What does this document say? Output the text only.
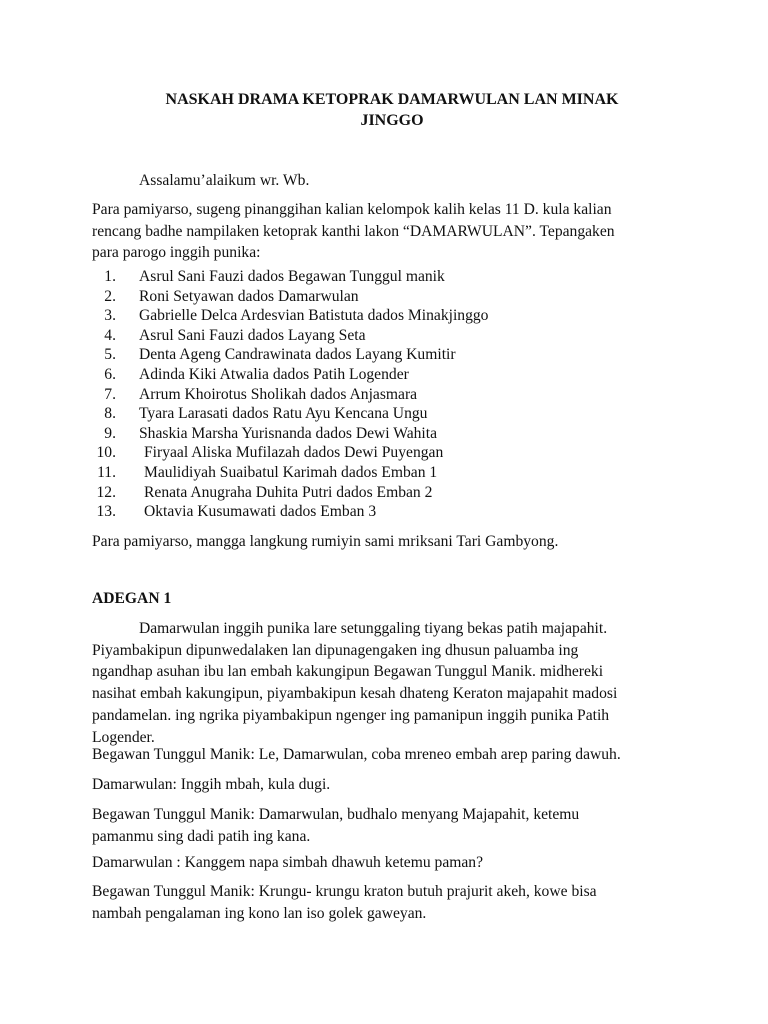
NASKAH DRAMA KETOPRAK DAMARWULAN LAN MINAK
JINGGO
Assalamu’alaikum wr. Wb.
Para pamiyarso, sugeng pinanggihan kalian kelompok kalih kelas 11 D. kula kalian
rencang badhe nampilaken ketoprak kanthi lakon “DAMARWULAN”. Tepangaken
para parogo inggih punika:
1. Asrul Sani Fauzi dados Begawan Tunggul manik
2. Roni Setyawan dados Damarwulan
3. Gabrielle Delca Ardesvian Batistuta dados Minakjinggo
4. Asrul Sani Fauzi dados Layang Seta
5. Denta Ageng Candrawinata dados Layang Kumitir
6. Adinda Kiki Atwalia dados Patih Logender
7. Arrum Khoirotus Sholikah dados Anjasmara
8. Tyara Larasati dados Ratu Ayu Kencana Ungu
9. Shaskia Marsha Yurisnanda dados Dewi Wahita
10. Firyaal Aliska Mufilazah dados Dewi Puyengan
11. Maulidiyah Suaibatul Karimah dados Emban 1
12. Renata Anugraha Duhita Putri dados Emban 2
13. Oktavia Kusumawati dados Emban 3
Para pamiyarso, mangga langkung rumiyin sami mriksani Tari Gambyong.
ADEGAN 1
Damarwulan inggih punika lare setunggaling tiyang bekas patih majapahit.
Piyambakipun dipunwedalaken lan dipunagengaken ing dhusun paluamba ing
ngandhap asuhan ibu lan embah kakungipun Begawan Tunggul Manik. midhereki
nasihat embah kakungipun, piyambakipun kesah dhateng Keraton majapahit madosi
pandamelan. ing ngrika piyambakipun ngenger ing pamanipun inggih punika Patih
Logender.
Begawan Tunggul Manik: Le, Damarwulan, coba mreneo embah arep paring dawuh.
Damarwulan: Inggih mbah, kula dugi.
Begawan Tunggul Manik: Damarwulan, budhalo menyang Majapahit, ketemu
pamanmu sing dadi patih ing kana.
Damarwulan : Kanggem napa simbah dhawuh ketemu paman?
Begawan Tunggul Manik: Krungu- krungu kraton butuh prajurit akeh, kowe bisa
nambah pengalaman ing kono lan iso golek gaweyan.
